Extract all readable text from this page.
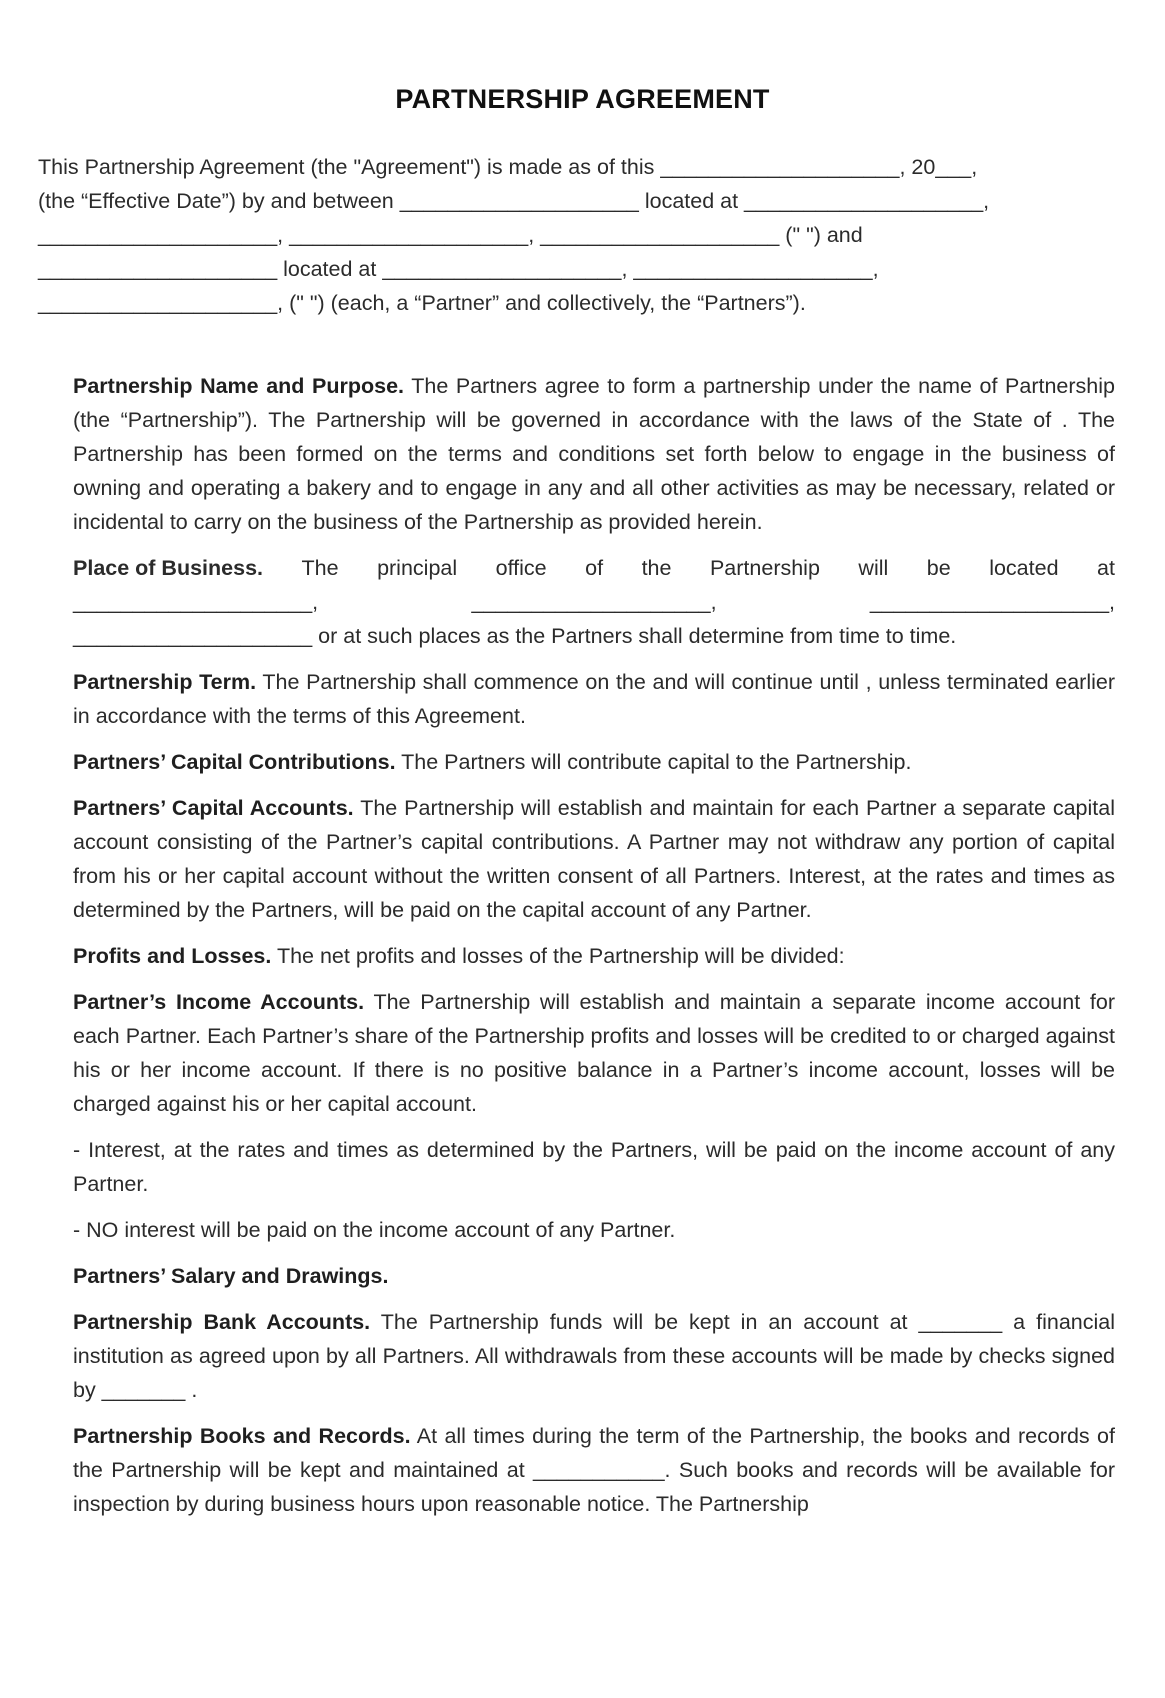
PARTNERSHIP AGREEMENT
This Partnership Agreement (the "Agreement") is made as of this ____________________, 20___,
(the “Effective Date”) by and between ____________________ located at ____________________,
____________________, ____________________, ____________________ (" ") and
____________________ located at ____________________, ____________________,
____________________, (" ") (each, a “Partner” and collectively, the “Partners”).

Partnership Name and Purpose. The Partners agree to form a partnership under the name of Partnership (the “Partnership”). The Partnership will be governed in accordance with the laws of the State of . The Partnership has been formed on the terms and conditions set forth below to engage in the business of owning and operating a bakery and to engage in any and all other activities as may be necessary, related or incidental to carry on the business of the Partnership as provided herein.

Place of Business. The principal office of the Partnership will be located at
____________________,	____________________,	____________________,
____________________ or at such places as the Partners shall determine from time to time.

Partnership Term. The Partnership shall commence on the and will continue until , unless terminated earlier in accordance with the terms of this Agreement.

Partners’ Capital Contributions. The Partners will contribute capital to the Partnership.

Partners’ Capital Accounts. The Partnership will establish and maintain for each Partner a separate capital account consisting of the Partner’s capital contributions. A Partner may not withdraw any portion of capital from his or her capital account without the written consent of all Partners. Interest, at the rates and times as determined by the Partners, will be paid on the capital account of any Partner.

Profits and Losses. The net profits and losses of the Partnership will be divided:

Partner’s Income Accounts. The Partnership will establish and maintain a separate income account for each Partner. Each Partner’s share of the Partnership profits and losses will be credited to or charged against his or her income account. If there is no positive balance in a Partner’s income account, losses will be charged against his or her capital account.

- Interest, at the rates and times as determined by the Partners, will be paid on the income account of any Partner.

- NO interest will be paid on the income account of any Partner.

Partners’ Salary and Drawings.

Partnership Bank Accounts. The Partnership funds will be kept in an account at _______ a financial institution as agreed upon by all Partners. All withdrawals from these accounts will be made by checks signed by _______ .

Partnership Books and Records. At all times during the term of the Partnership, the books and records of the Partnership will be kept and maintained at ___________. Such books and records will be available for inspection by during business hours upon reasonable notice. The Partnership
